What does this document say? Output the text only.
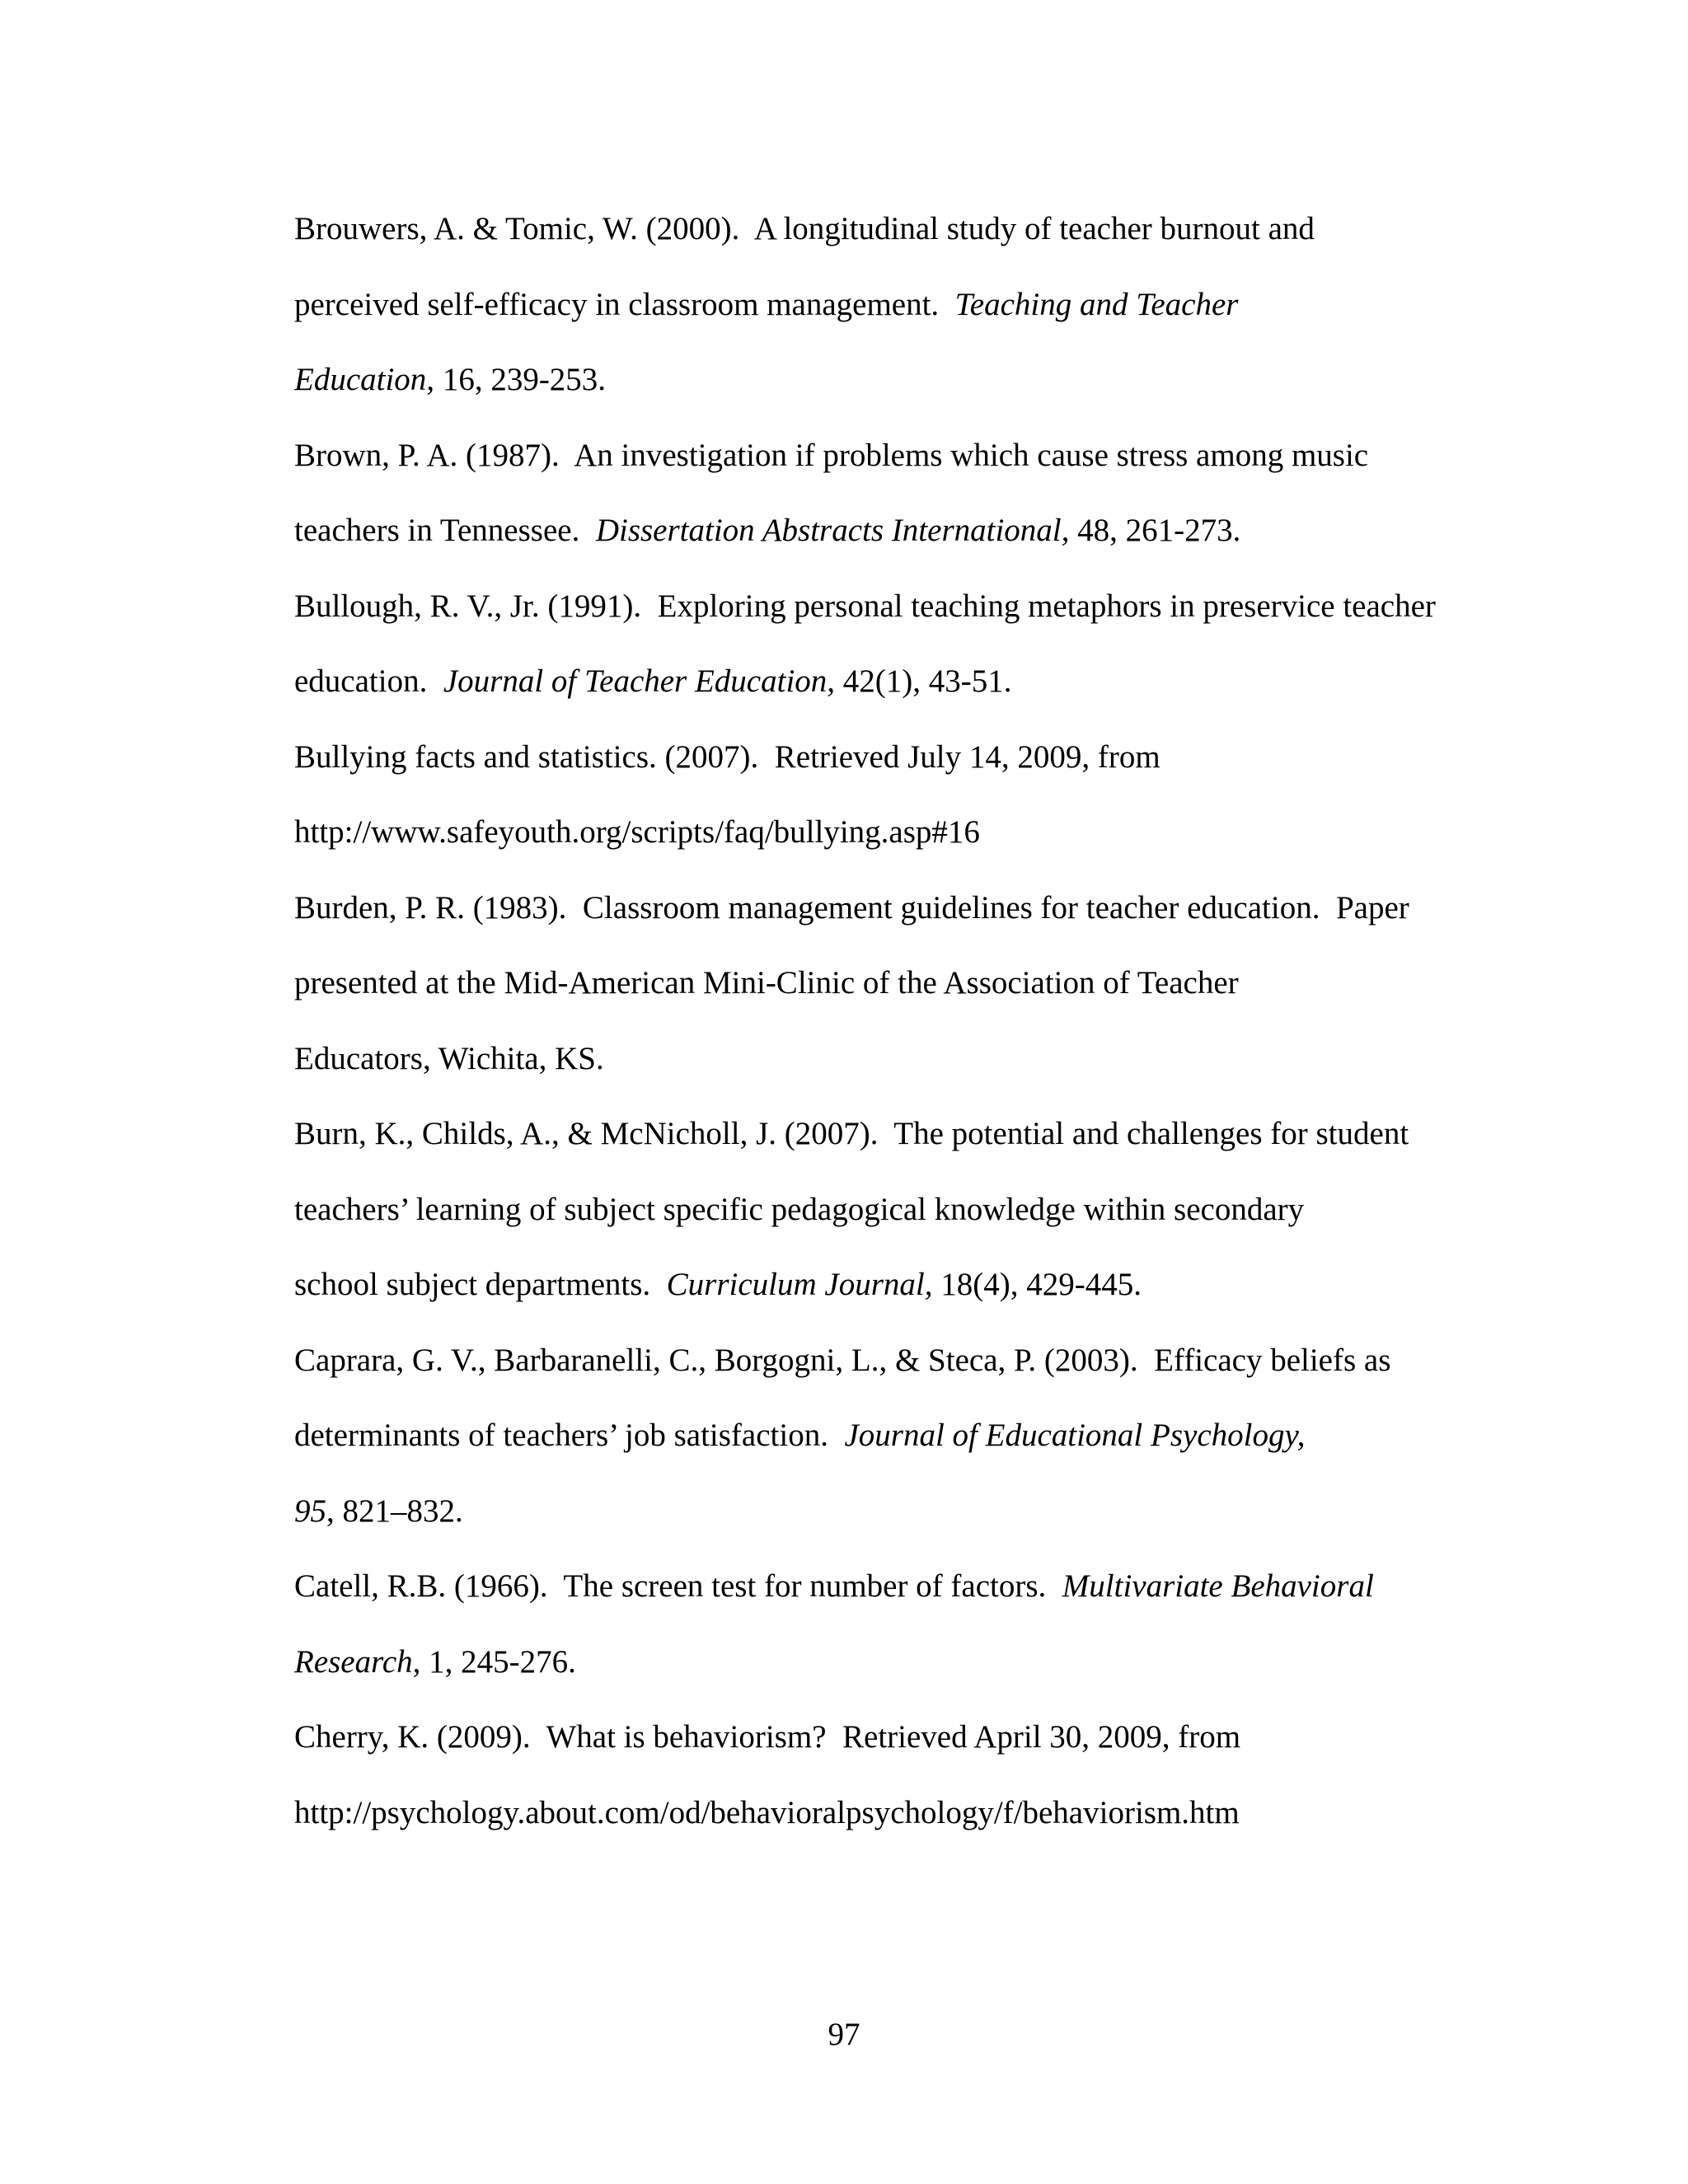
Brouwers, A. & Tomic, W. (2000).  A longitudinal study of teacher burnout and
perceived self-efficacy in classroom management.  Teaching and Teacher
Education, 16, 239-253.

Brown, P. A. (1987).  An investigation if problems which cause stress among music
teachers in Tennessee.  Dissertation Abstracts International, 48, 261-273.

Bullough, R. V., Jr. (1991).  Exploring personal teaching metaphors in preservice teacher
education.  Journal of Teacher Education, 42(1), 43-51.

Bullying facts and statistics. (2007).  Retrieved July 14, 2009, from
http://www.safeyouth.org/scripts/faq/bullying.asp#16

Burden, P. R. (1983).  Classroom management guidelines for teacher education.  Paper
presented at the Mid-American Mini-Clinic of the Association of Teacher
Educators, Wichita, KS.

Burn, K., Childs, A., & McNicholl, J. (2007).  The potential and challenges for student
teachers’ learning of subject specific pedagogical knowledge within secondary
school subject departments.  Curriculum Journal, 18(4), 429-445.

Caprara, G. V., Barbaranelli, C., Borgogni, L., & Steca, P. (2003).  Efficacy beliefs as
determinants of teachers’ job satisfaction.  Journal of Educational Psychology,
95, 821–832.

Catell, R.B. (1966).  The screen test for number of factors.  Multivariate Behavioral
Research, 1, 245-276.

Cherry, K. (2009).  What is behaviorism?  Retrieved April 30, 2009, from
http://psychology.about.com/od/behavioralpsychology/f/behaviorism.htm

97
